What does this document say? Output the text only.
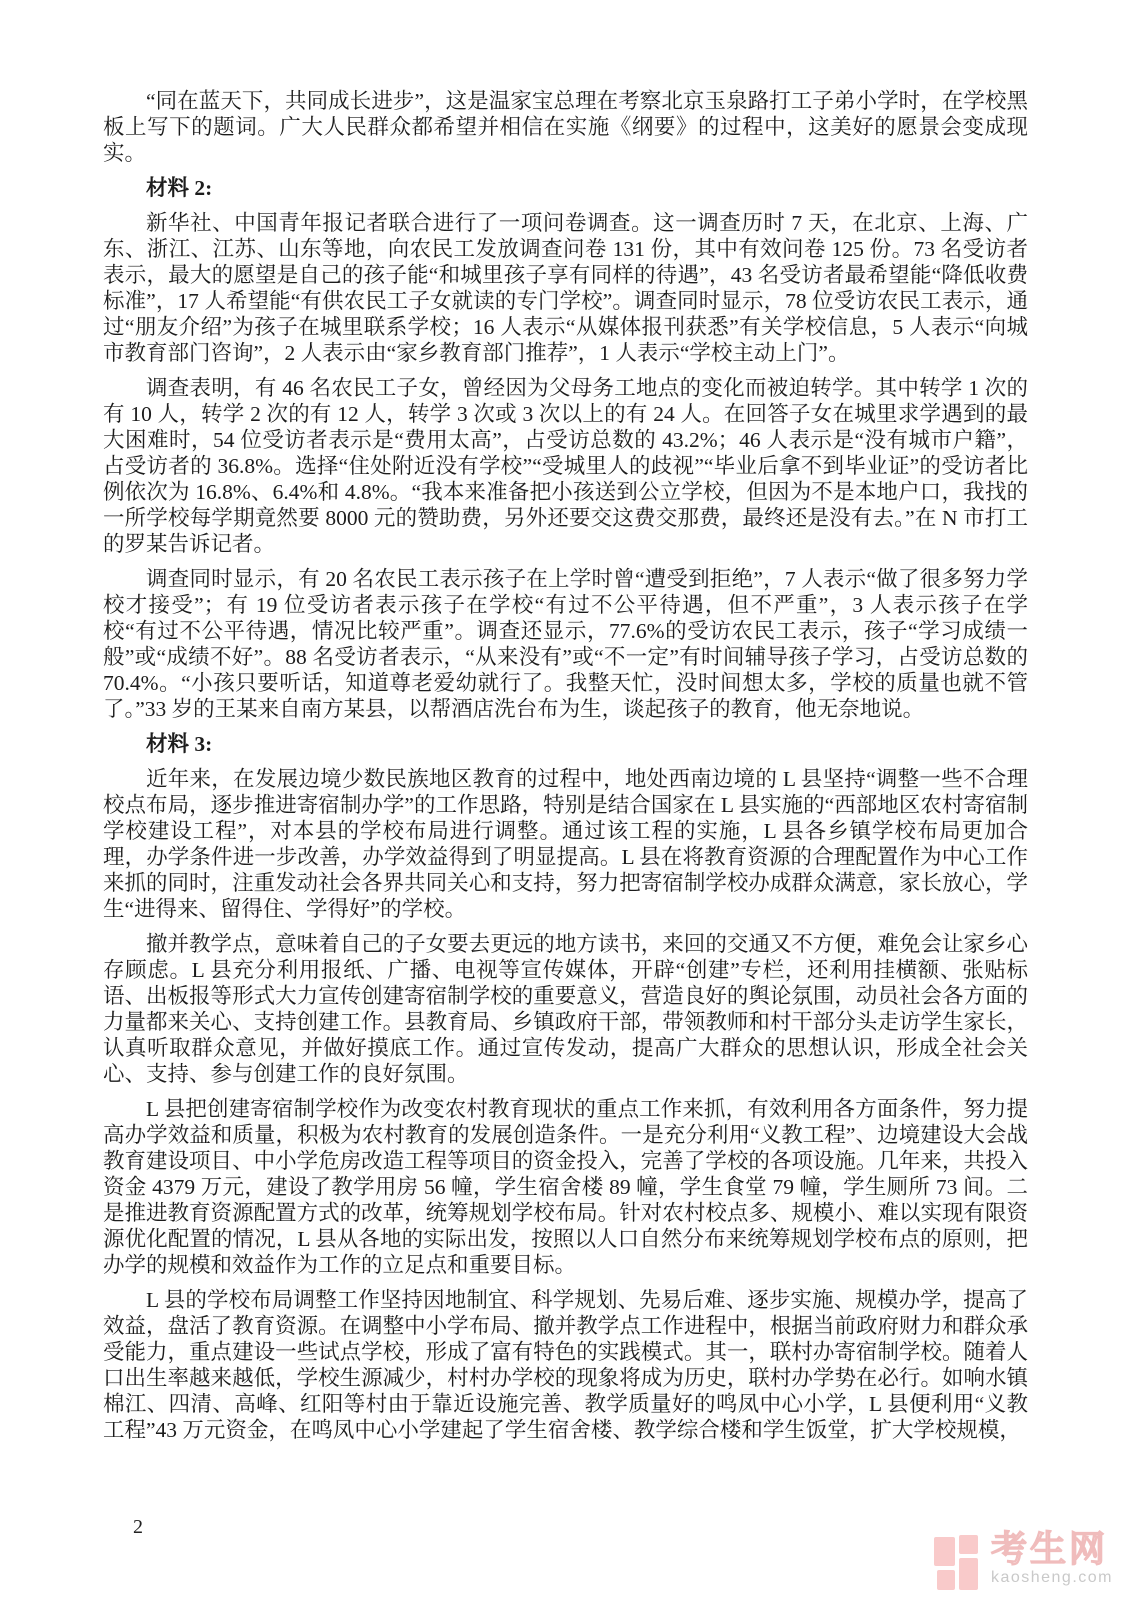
“同在蓝天下，共同成长进步”，这是温家宝总理在考察北京玉泉路打工子弟小学时，在学校黑板上写下的题词。广大人民群众都希望并相信在实施《纲要》的过程中，这美好的愿景会变成现实。

材料 2:

新华社、中国青年报记者联合进行了一项问卷调查。这一调查历时 7 天，在北京、上海、广东、浙江、江苏、山东等地，向农民工发放调查问卷 131 份，其中有效问卷 125 份。73 名受访者表示，最大的愿望是自己的孩子能“和城里孩子享有同样的待遇”，43 名受访者最希望能“降低收费标准”，17 人希望能“有供农民工子女就读的专门学校”。调查同时显示，78 位受访农民工表示，通过“朋友介绍”为孩子在城里联系学校；16 人表示“从媒体报刊获悉”有关学校信息，5 人表示“向城市教育部门咨询”，2 人表示由“家乡教育部门推荐”，1 人表示“学校主动上门”。

调查表明，有 46 名农民工子女，曾经因为父母务工地点的变化而被迫转学。其中转学 1 次的有 10 人，转学 2 次的有 12 人，转学 3 次或 3 次以上的有 24 人。在回答子女在城里求学遇到的最大困难时，54 位受访者表示是“费用太高”，占受访总数的 43.2%；46 人表示是“没有城市户籍”，占受访者的 36.8%。选择“住处附近没有学校”“受城里人的歧视”“毕业后拿不到毕业证”的受访者比例依次为 16.8%、6.4%和 4.8%。“我本来准备把小孩送到公立学校，但因为不是本地户口，我找的一所学校每学期竟然要 8000 元的赞助费，另外还要交这费交那费，最终还是没有去。”在 N 市打工的罗某告诉记者。

调查同时显示，有 20 名农民工表示孩子在上学时曾“遭受到拒绝”，7 人表示“做了很多努力学校才接受”；有 19 位受访者表示孩子在学校“有过不公平待遇，但不严重”，3 人表示孩子在学校“有过不公平待遇，情况比较严重”。调查还显示，77.6%的受访农民工表示，孩子“学习成绩一般”或“成绩不好”。88 名受访者表示，“从来没有”或“不一定”有时间辅导孩子学习，占受访总数的 70.4%。“小孩只要听话，知道尊老爱幼就行了。我整天忙，没时间想太多，学校的质量也就不管了。”33 岁的王某来自南方某县，以帮酒店洗台布为生，谈起孩子的教育，他无奈地说。

材料 3:

近年来，在发展边境少数民族地区教育的过程中，地处西南边境的 L 县坚持“调整一些不合理校点布局，逐步推进寄宿制办学”的工作思路，特别是结合国家在 L 县实施的“西部地区农村寄宿制学校建设工程”，对本县的学校布局进行调整。通过该工程的实施，L 县各乡镇学校布局更加合理，办学条件进一步改善，办学效益得到了明显提高。L 县在将教育资源的合理配置作为中心工作来抓的同时，注重发动社会各界共同关心和支持，努力把寄宿制学校办成群众满意，家长放心，学生“进得来、留得住、学得好”的学校。

撤并教学点，意味着自己的子女要去更远的地方读书，来回的交通又不方便，难免会让家乡心存顾虑。L 县充分利用报纸、广播、电视等宣传媒体，开辟“创建”专栏，还利用挂横额、张贴标语、出板报等形式大力宣传创建寄宿制学校的重要意义，营造良好的舆论氛围，动员社会各方面的力量都来关心、支持创建工作。县教育局、乡镇政府干部，带领教师和村干部分头走访学生家长，认真听取群众意见，并做好摸底工作。通过宣传发动，提高广大群众的思想认识，形成全社会关心、支持、参与创建工作的良好氛围。

L 县把创建寄宿制学校作为改变农村教育现状的重点工作来抓，有效利用各方面条件，努力提高办学效益和质量，积极为农村教育的发展创造条件。一是充分利用“义教工程”、边境建设大会战教育建设项目、中小学危房改造工程等项目的资金投入，完善了学校的各项设施。几年来，共投入资金 4379 万元，建设了教学用房 56 幢，学生宿舍楼 89 幢，学生食堂 79 幢，学生厕所 73 间。二是推进教育资源配置方式的改革，统筹规划学校布局。针对农村校点多、规模小、难以实现有限资源优化配置的情况，L 县从各地的实际出发，按照以人口自然分布来统筹规划学校布点的原则，把办学的规模和效益作为工作的立足点和重要目标。

L 县的学校布局调整工作坚持因地制宜、科学规划、先易后难、逐步实施、规模办学，提高了效益，盘活了教育资源。在调整中小学布局、撤并教学点工作进程中，根据当前政府财力和群众承受能力，重点建设一些试点学校，形成了富有特色的实践模式。其一，联村办寄宿制学校。随着人口出生率越来越低，学校生源减少，村村办学校的现象将成为历史，联村办学势在必行。如响水镇棉江、四清、高峰、红阳等村由于靠近设施完善、教学质量好的鸣凤中心小学，L 县便利用“义教工程”43 万元资金，在鸣凤中心小学建起了学生宿舍楼、教学综合楼和学生饭堂，扩大学校规模，

2
考生网
kaosheng.com
